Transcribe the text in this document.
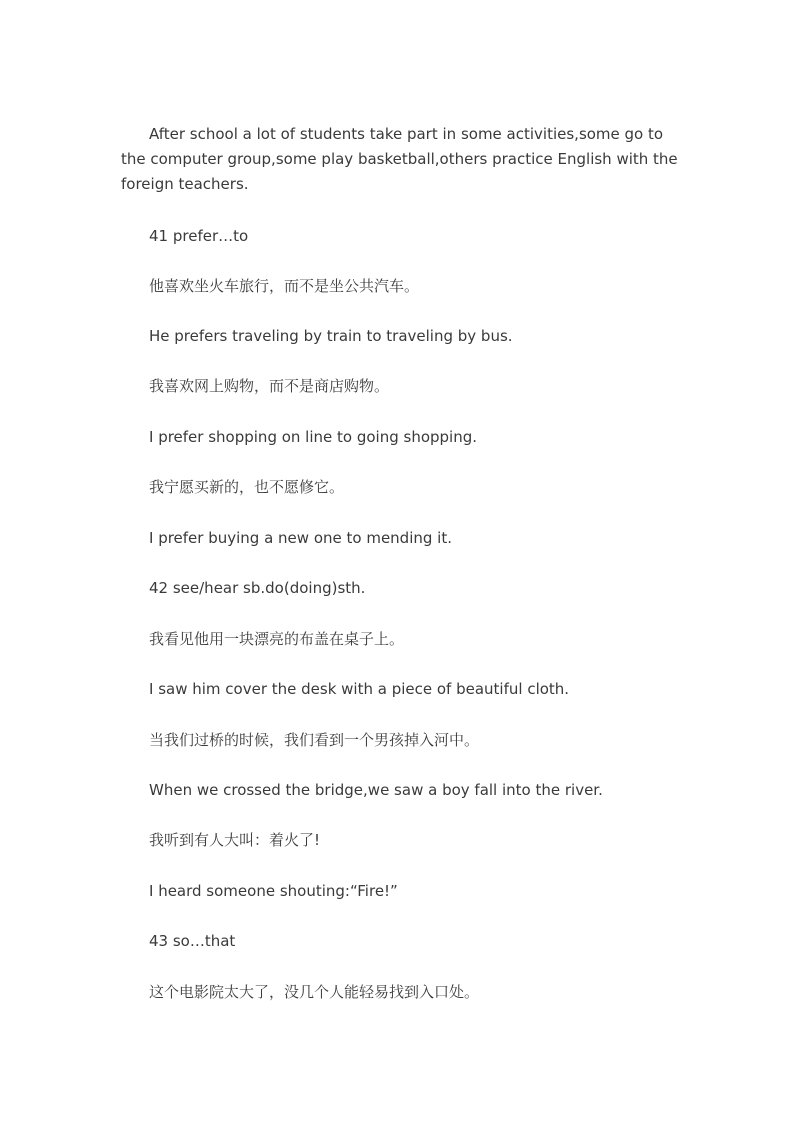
After school a lot of students take part in some activities,some go to the computer group,some play basketball,others practice English with the foreign teachers.

41 prefer…to

他喜欢坐火车旅行，而不是坐公共汽车。

He prefers traveling by train to traveling by bus.

我喜欢网上购物，而不是商店购物。

I prefer shopping on line to going shopping.

我宁愿买新的，也不愿修它。

I prefer buying a new one to mending it.

42 see/hear sb.do(doing)sth.

我看见他用一块漂亮的布盖在桌子上。

I saw him cover the desk with a piece of beautiful cloth.

当我们过桥的时候，我们看到一个男孩掉入河中。

When we crossed the bridge,we saw a boy fall into the river.

我听到有人大叫：着火了!

I heard someone shouting:“Fire!”

43 so…that

这个电影院太大了，没几个人能轻易找到入口处。
